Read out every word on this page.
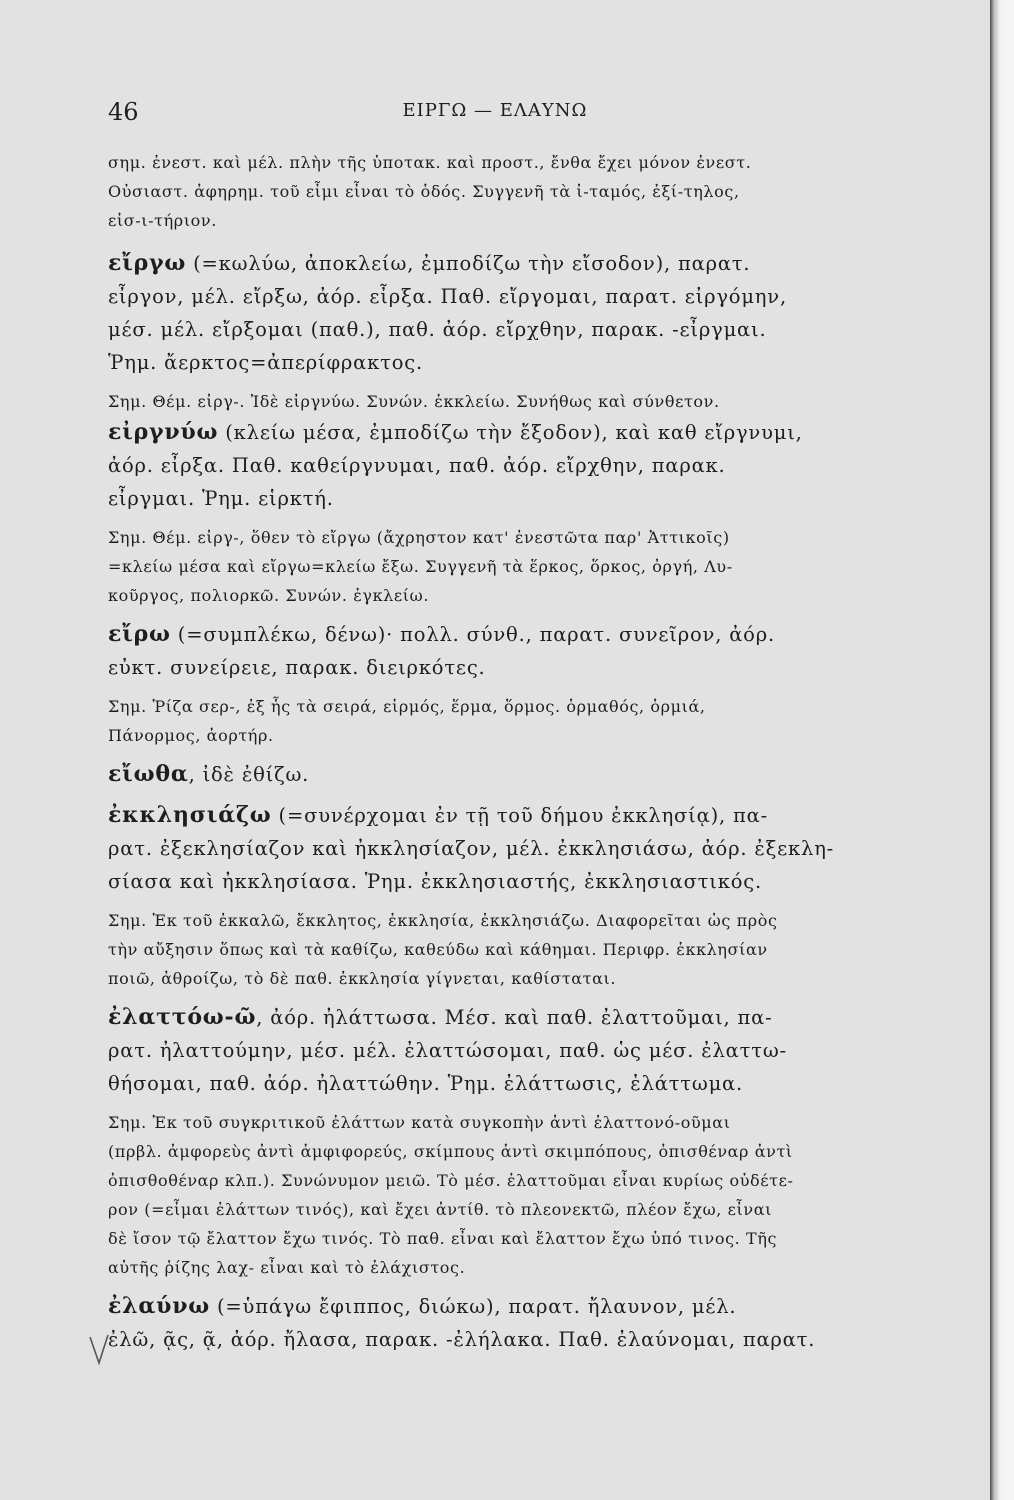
46	ΕΙΡΓΩ — ΕΛΑΥΝΩ
σημ. ἐνεστ. καὶ μέλ. πλὴν τῆς ὑποτακ. καὶ προστ., ἔνθα ἔχει μόνον ἐνεστ.
Οὐσιαστ. ἀφηρημ. τοῦ εἶμι εἶναι τὸ ὁδός. Συγγενῆ τὰ ἰ-ταμός, ἐξί-τηλος,
εἰσ-ι-τήριον.
εἴργω (=κωλύω, ἀποκλείω, ἐμποδίζω τὴν εἴσοδον), παρατ.
εἶργον, μέλ. εἴρξω, ἀόρ. εἶρξα. Παθ. εἴργομαι, παρατ. εἰργόμην,
μέσ. μέλ. εἴρξομαι (παθ.), παθ. ἀόρ. εἴρχθην, παρακ. -εἶργμαι.
Ῥημ. ἄερκτος=ἀπερίφρακτος.
Σημ. Θέμ. εἰργ-. Ἰδὲ εἰργνύω. Συνών. ἐκκλείω. Συνήθως καὶ σύνθετον.
εἰργνύω (κλείω μέσα, ἐμποδίζω τὴν ἔξοδον), καὶ καθ εἴργνυμι,
ἀόρ. εἶρξα. Παθ. καθείργνυμαι, παθ. ἀόρ. εἴρχθην, παρακ.
εἶργμαι. Ῥημ. εἱρκτή.
Σημ. Θέμ. εἰργ-, ὅθεν τὸ εἴργω (ἄχρηστον κατ' ἐνεστῶτα παρ' Ἀττικοῖς)
=κλείω μέσα καὶ εἴργω=κλείω ἔξω. Συγγενῆ τὰ ἕρκος, ὅρκος, ὀργή, Λυ-
κοῦργος, πολιορκῶ. Συνών. ἐγκλείω.
εἴρω (=συμπλέκω, δένω)· πολλ. σύνθ., παρατ. συνεῖρον, ἀόρ.
εὐκτ. συνείρειε, παρακ. διειρκότες.
Σημ. Ῥίζα σερ-, ἐξ ἧς τὰ σειρά, εἱρμός, ἕρμα, ὅρμος. ὁρμαθός, ὁρμιά,
Πάνορμος, ἀορτήρ.
εἴωθα, ἰδὲ ἐθίζω.
ἐκκλησιάζω (=συνέρχομαι ἐν τῇ τοῦ δήμου ἐκκλησίᾳ), πα-
ρατ. ἐξεκλησίαζον καὶ ἠκκλησίαζον, μέλ. ἐκκλησιάσω, ἀόρ. ἐξεκλη-
σίασα καὶ ἠκκλησίασα. Ῥημ. ἐκκλησιαστής, ἐκκλησιαστικός.
Σημ. Ἐκ τοῦ ἐκκαλῶ, ἔκκλητος, ἐκκλησία, ἐκκλησιάζω. Διαφορεῖται ὡς πρὸς
τὴν αὔξησιν ὅπως καὶ τὰ καθίζω, καθεύδω καὶ κάθημαι. Περιφρ. ἐκκλησίαν
ποιῶ, ἀθροίζω, τὸ δὲ παθ. ἐκκλησία γίγνεται, καθίσταται.
ἐλαττόω-ῶ, ἀόρ. ἠλάττωσα. Μέσ. καὶ παθ. ἐλαττοῦμαι, πα-
ρατ. ἠλαττούμην, μέσ. μέλ. ἐλαττώσομαι, παθ. ὡς μέσ. ἐλαττω-
θήσομαι, παθ. ἀόρ. ἠλαττώθην. Ῥημ. ἐλάττωσις, ἐλάττωμα.
Σημ. Ἐκ τοῦ συγκριτικοῦ ἐλάττων κατὰ συγκοπὴν ἀντὶ ἐλαττονό-οῦμαι
(πρβλ. ἀμφορεὺς ἀντὶ ἀμφιφορεύς, σκίμπους ἀντὶ σκιμπόπους, ὀπισθέναρ ἀντὶ
ὀπισθοθέναρ κλπ.). Συνώνυμον μειῶ. Τὸ μέσ. ἐλαττοῦμαι εἶναι κυρίως οὐδέτε-
ρον (=εἶμαι ἐλάττων τινός), καὶ ἔχει ἀντίθ. τὸ πλεονεκτῶ, πλέον ἔχω, εἶναι
δὲ ἴσον τῷ ἔλαττον ἔχω τινός. Τὸ παθ. εἶναι καὶ ἔλαττον ἔχω ὑπό τινος. Τῆς
αὐτῆς ῥίζης λαχ- εἶναι καὶ τὸ ἐλάχιστος.
ἐλαύνω (=ὑπάγω ἔφιππος, διώκω), παρατ. ἤλαυνον, μέλ.
ἐλῶ, ᾷς, ᾷ, ἀόρ. ἤλασα, παρακ. -ἐλήλακα. Παθ. ἐλαύνομαι, παρατ.
